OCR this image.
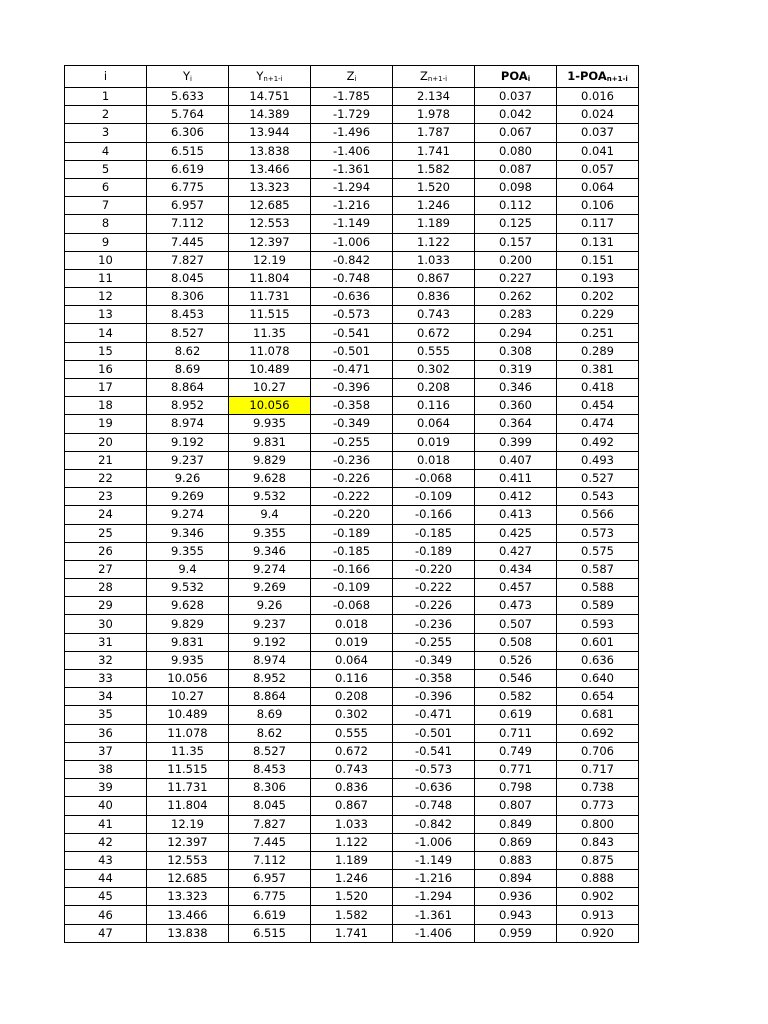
i	$Y_i$	$Y_{n+1-i}$	$Z_i$	$Z_{n+1-i}$	$POA_i$	$1-POA_{n+1-i}$
1	5.633	14.751	-1.785	2.134	0.037	0.016
2	5.764	14.389	-1.729	1.978	0.042	0.024
3	6.306	13.944	-1.496	1.787	0.067	0.037
4	6.515	13.838	-1.406	1.741	0.080	0.041
5	6.619	13.466	-1.361	1.582	0.087	0.057
6	6.775	13.323	-1.294	1.520	0.098	0.064
7	6.957	12.685	-1.216	1.246	0.112	0.106
8	7.112	12.553	-1.149	1.189	0.125	0.117
9	7.445	12.397	-1.006	1.122	0.157	0.131
10	7.827	12.19	-0.842	1.033	0.200	0.151
11	8.045	11.804	-0.748	0.867	0.227	0.193
12	8.306	11.731	-0.636	0.836	0.262	0.202
13	8.453	11.515	-0.573	0.743	0.283	0.229
14	8.527	11.35	-0.541	0.672	0.294	0.251
15	8.62	11.078	-0.501	0.555	0.308	0.289
16	8.69	10.489	-0.471	0.302	0.319	0.381
17	8.864	10.27	-0.396	0.208	0.346	0.418
18	8.952	10.056	-0.358	0.116	0.360	0.454
19	8.974	9.935	-0.349	0.064	0.364	0.474
20	9.192	9.831	-0.255	0.019	0.399	0.492
21	9.237	9.829	-0.236	0.018	0.407	0.493
22	9.26	9.628	-0.226	-0.068	0.411	0.527
23	9.269	9.532	-0.222	-0.109	0.412	0.543
24	9.274	9.4	-0.220	-0.166	0.413	0.566
25	9.346	9.355	-0.189	-0.185	0.425	0.573
26	9.355	9.346	-0.185	-0.189	0.427	0.575
27	9.4	9.274	-0.166	-0.220	0.434	0.587
28	9.532	9.269	-0.109	-0.222	0.457	0.588
29	9.628	9.26	-0.068	-0.226	0.473	0.589
30	9.829	9.237	0.018	-0.236	0.507	0.593
31	9.831	9.192	0.019	-0.255	0.508	0.601
32	9.935	8.974	0.064	-0.349	0.526	0.636
33	10.056	8.952	0.116	-0.358	0.546	0.640
34	10.27	8.864	0.208	-0.396	0.582	0.654
35	10.489	8.69	0.302	-0.471	0.619	0.681
36	11.078	8.62	0.555	-0.501	0.711	0.692
37	11.35	8.527	0.672	-0.541	0.749	0.706
38	11.515	8.453	0.743	-0.573	0.771	0.717
39	11.731	8.306	0.836	-0.636	0.798	0.738
40	11.804	8.045	0.867	-0.748	0.807	0.773
41	12.19	7.827	1.033	-0.842	0.849	0.800
42	12.397	7.445	1.122	-1.006	0.869	0.843
43	12.553	7.112	1.189	-1.149	0.883	0.875
44	12.685	6.957	1.246	-1.216	0.894	0.888
45	13.323	6.775	1.520	-1.294	0.936	0.902
46	13.466	6.619	1.582	-1.361	0.943	0.913
47	13.838	6.515	1.741	-1.406	0.959	0.920
